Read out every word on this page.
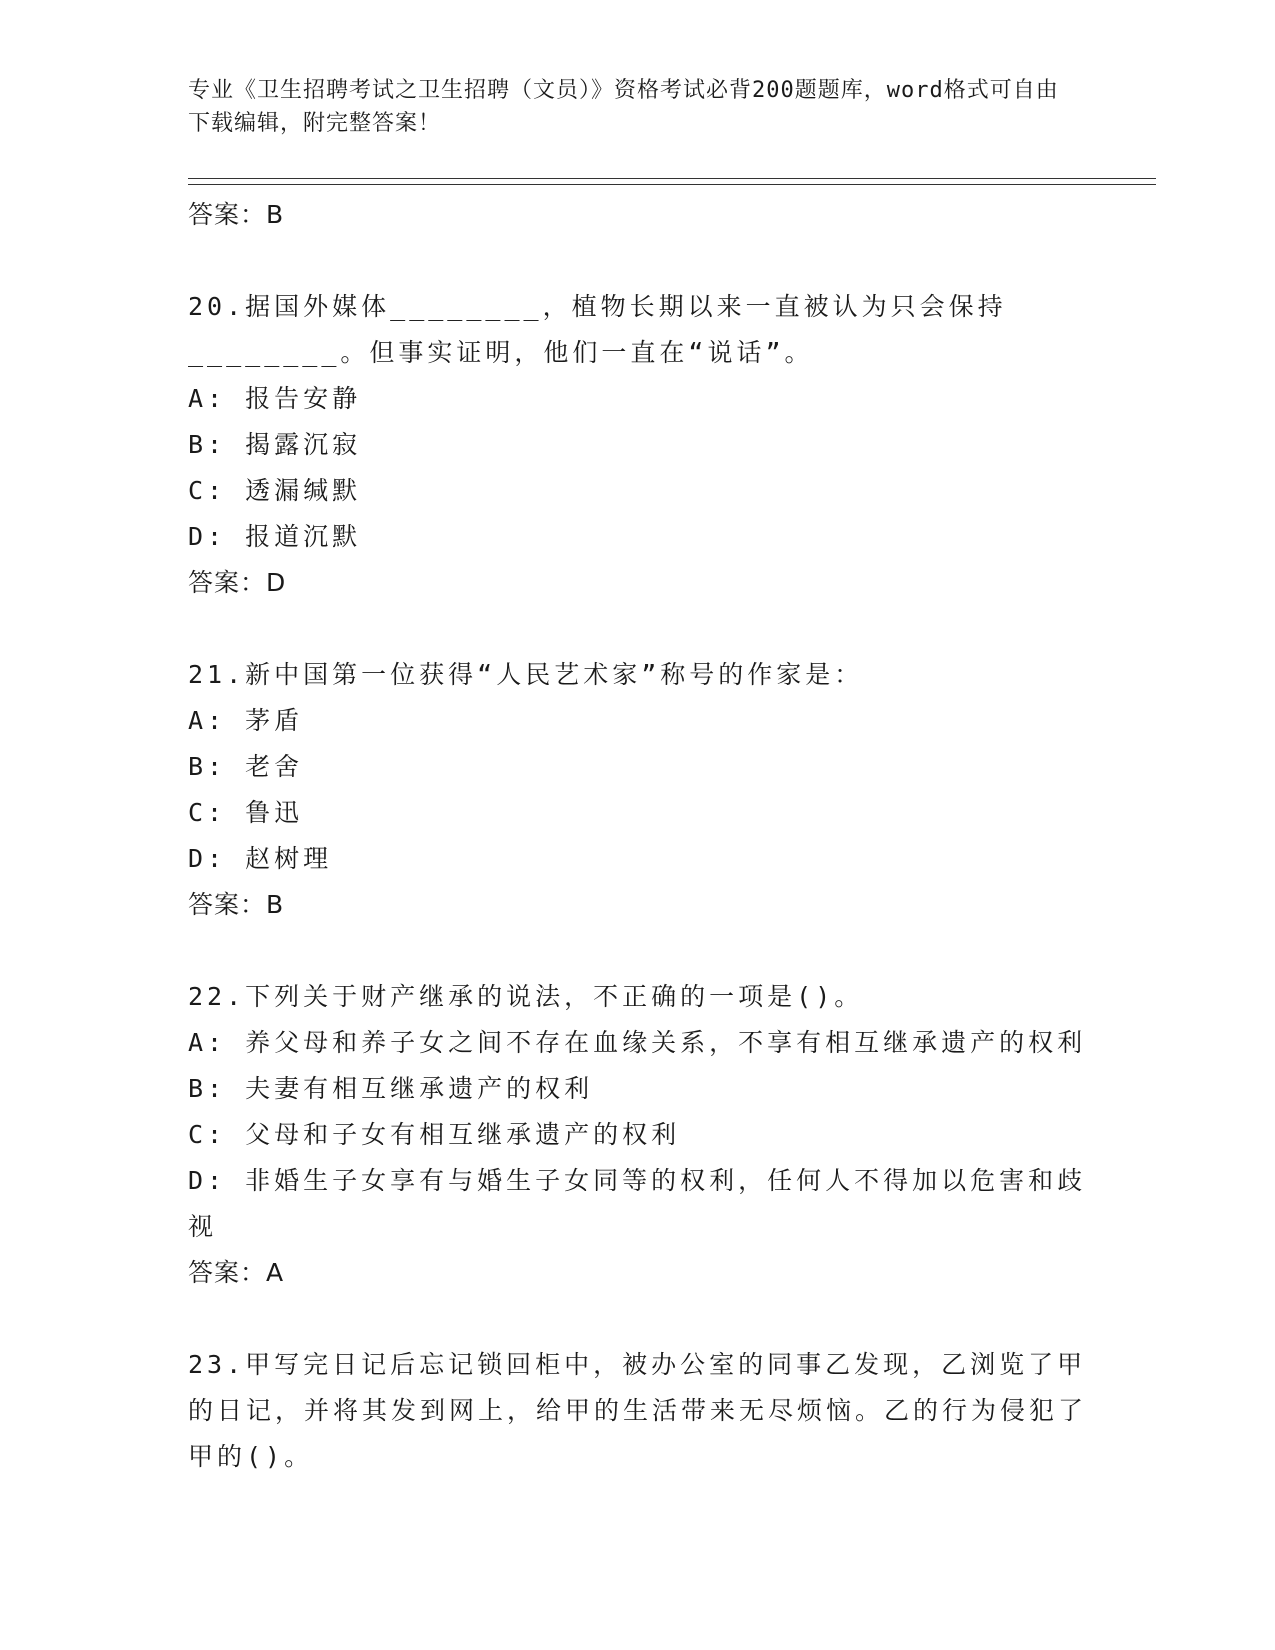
专业《卫生招聘考试之卫生招聘（文员）》资格考试必背200题题库，word格式可自由下载编辑，附完整答案！
答案：B
20.据国外媒体________，植物长期以来一直被认为只会保持________。但事实证明，他们一直在“说话”。
A: 报告安静
B: 揭露沉寂
C: 透漏缄默
D: 报道沉默
答案：D
21.新中国第一位获得“人民艺术家”称号的作家是：
A: 茅盾
B: 老舍
C: 鲁迅
D: 赵树理
答案：B
22.下列关于财产继承的说法，不正确的一项是()。
A: 养父母和养子女之间不存在血缘关系，不享有相互继承遗产的权利
B: 夫妻有相互继承遗产的权利
C: 父母和子女有相互继承遗产的权利
D: 非婚生子女享有与婚生子女同等的权利，任何人不得加以危害和歧视
答案：A
23.甲写完日记后忘记锁回柜中，被办公室的同事乙发现，乙浏览了甲的日记，并将其发到网上，给甲的生活带来无尽烦恼。乙的行为侵犯了甲的()。
